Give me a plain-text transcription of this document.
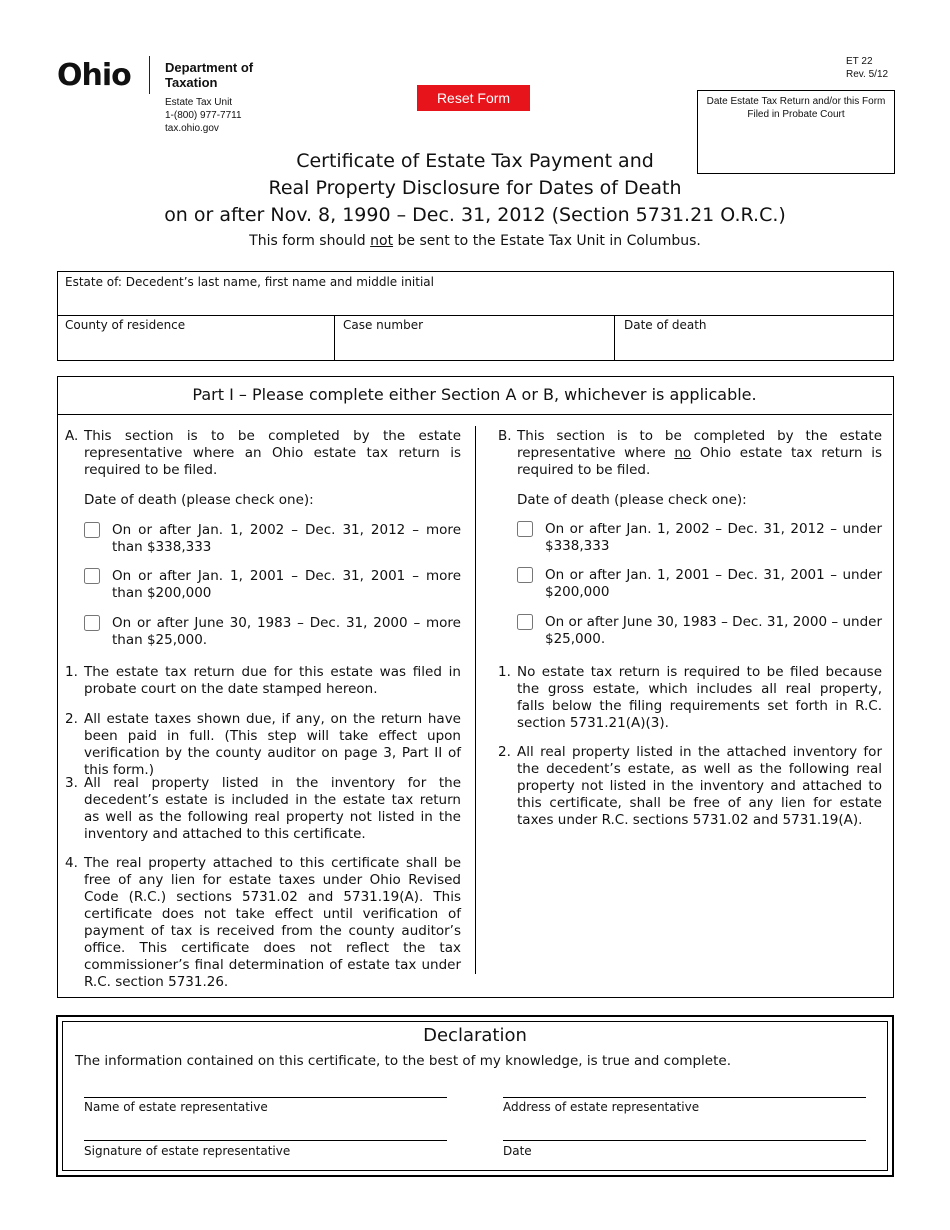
Ohio	Department of Taxation
Estate Tax Unit
1-(800) 977-7711
tax.ohio.gov
ET 22
Rev. 5/12
Reset Form	Date Estate Tax Return and/or this Form Filed in Probate Court
Certificate of Estate Tax Payment and
Real Property Disclosure for Dates of Death
on or after Nov. 8, 1990 – Dec. 31, 2012 (Section 5731.21 O.R.C.)
This form should not be sent to the Estate Tax Unit in Columbus.
Estate of: Decedent’s last name, first name and middle initial
County of residence	Case number	Date of death
Part I – Please complete either Section A or B, whichever is applicable.
A. This section is to be completed by the estate representative where an Ohio estate tax return is required to be filed.
Date of death (please check one):
On or after Jan. 1, 2002 – Dec. 31, 2012 – more than $338,333
On or after Jan. 1, 2001 – Dec. 31, 2001 – more than $200,000
On or after June 30, 1983 – Dec. 31, 2000 – more than $25,000.
1. The estate tax return due for this estate was filed in probate court on the date stamped hereon.
2. All estate taxes shown due, if any, on the return have been paid in full. (This step will take effect upon verification by the county auditor on page 3, Part II of this form.)
3. All real property listed in the inventory for the decedent’s estate is included in the estate tax return as well as the following real property not listed in the inventory and attached to this certificate.
4. The real property attached to this certificate shall be free of any lien for estate taxes under Ohio Revised Code (R.C.) sections 5731.02 and 5731.19(A). This certificate does not take effect until verification of payment of tax is received from the county auditor’s office. This certificate does not reflect the tax commissioner’s final determination of estate tax under R.C. section 5731.26.
B. This section is to be completed by the estate representative where no Ohio estate tax return is required to be filed.
Date of death (please check one):
On or after Jan. 1, 2002 – Dec. 31, 2012 – under $338,333
On or after Jan. 1, 2001 – Dec. 31, 2001 – under $200,000
On or after June 30, 1983 – Dec. 31, 2000 – under $25,000.
1. No estate tax return is required to be filed because the gross estate, which includes all real property, falls below the filing requirements set forth in R.C. section 5731.21(A)(3).
2. All real property listed in the attached inventory for the decedent’s estate, as well as the following real property not listed in the inventory and attached to this certificate, shall be free of any lien for estate taxes under R.C. sections 5731.02 and 5731.19(A).
Declaration
The information contained on this certificate, to the best of my knowledge, is true and complete.
Name of estate representative	Address of estate representative
Signature of estate representative	Date
